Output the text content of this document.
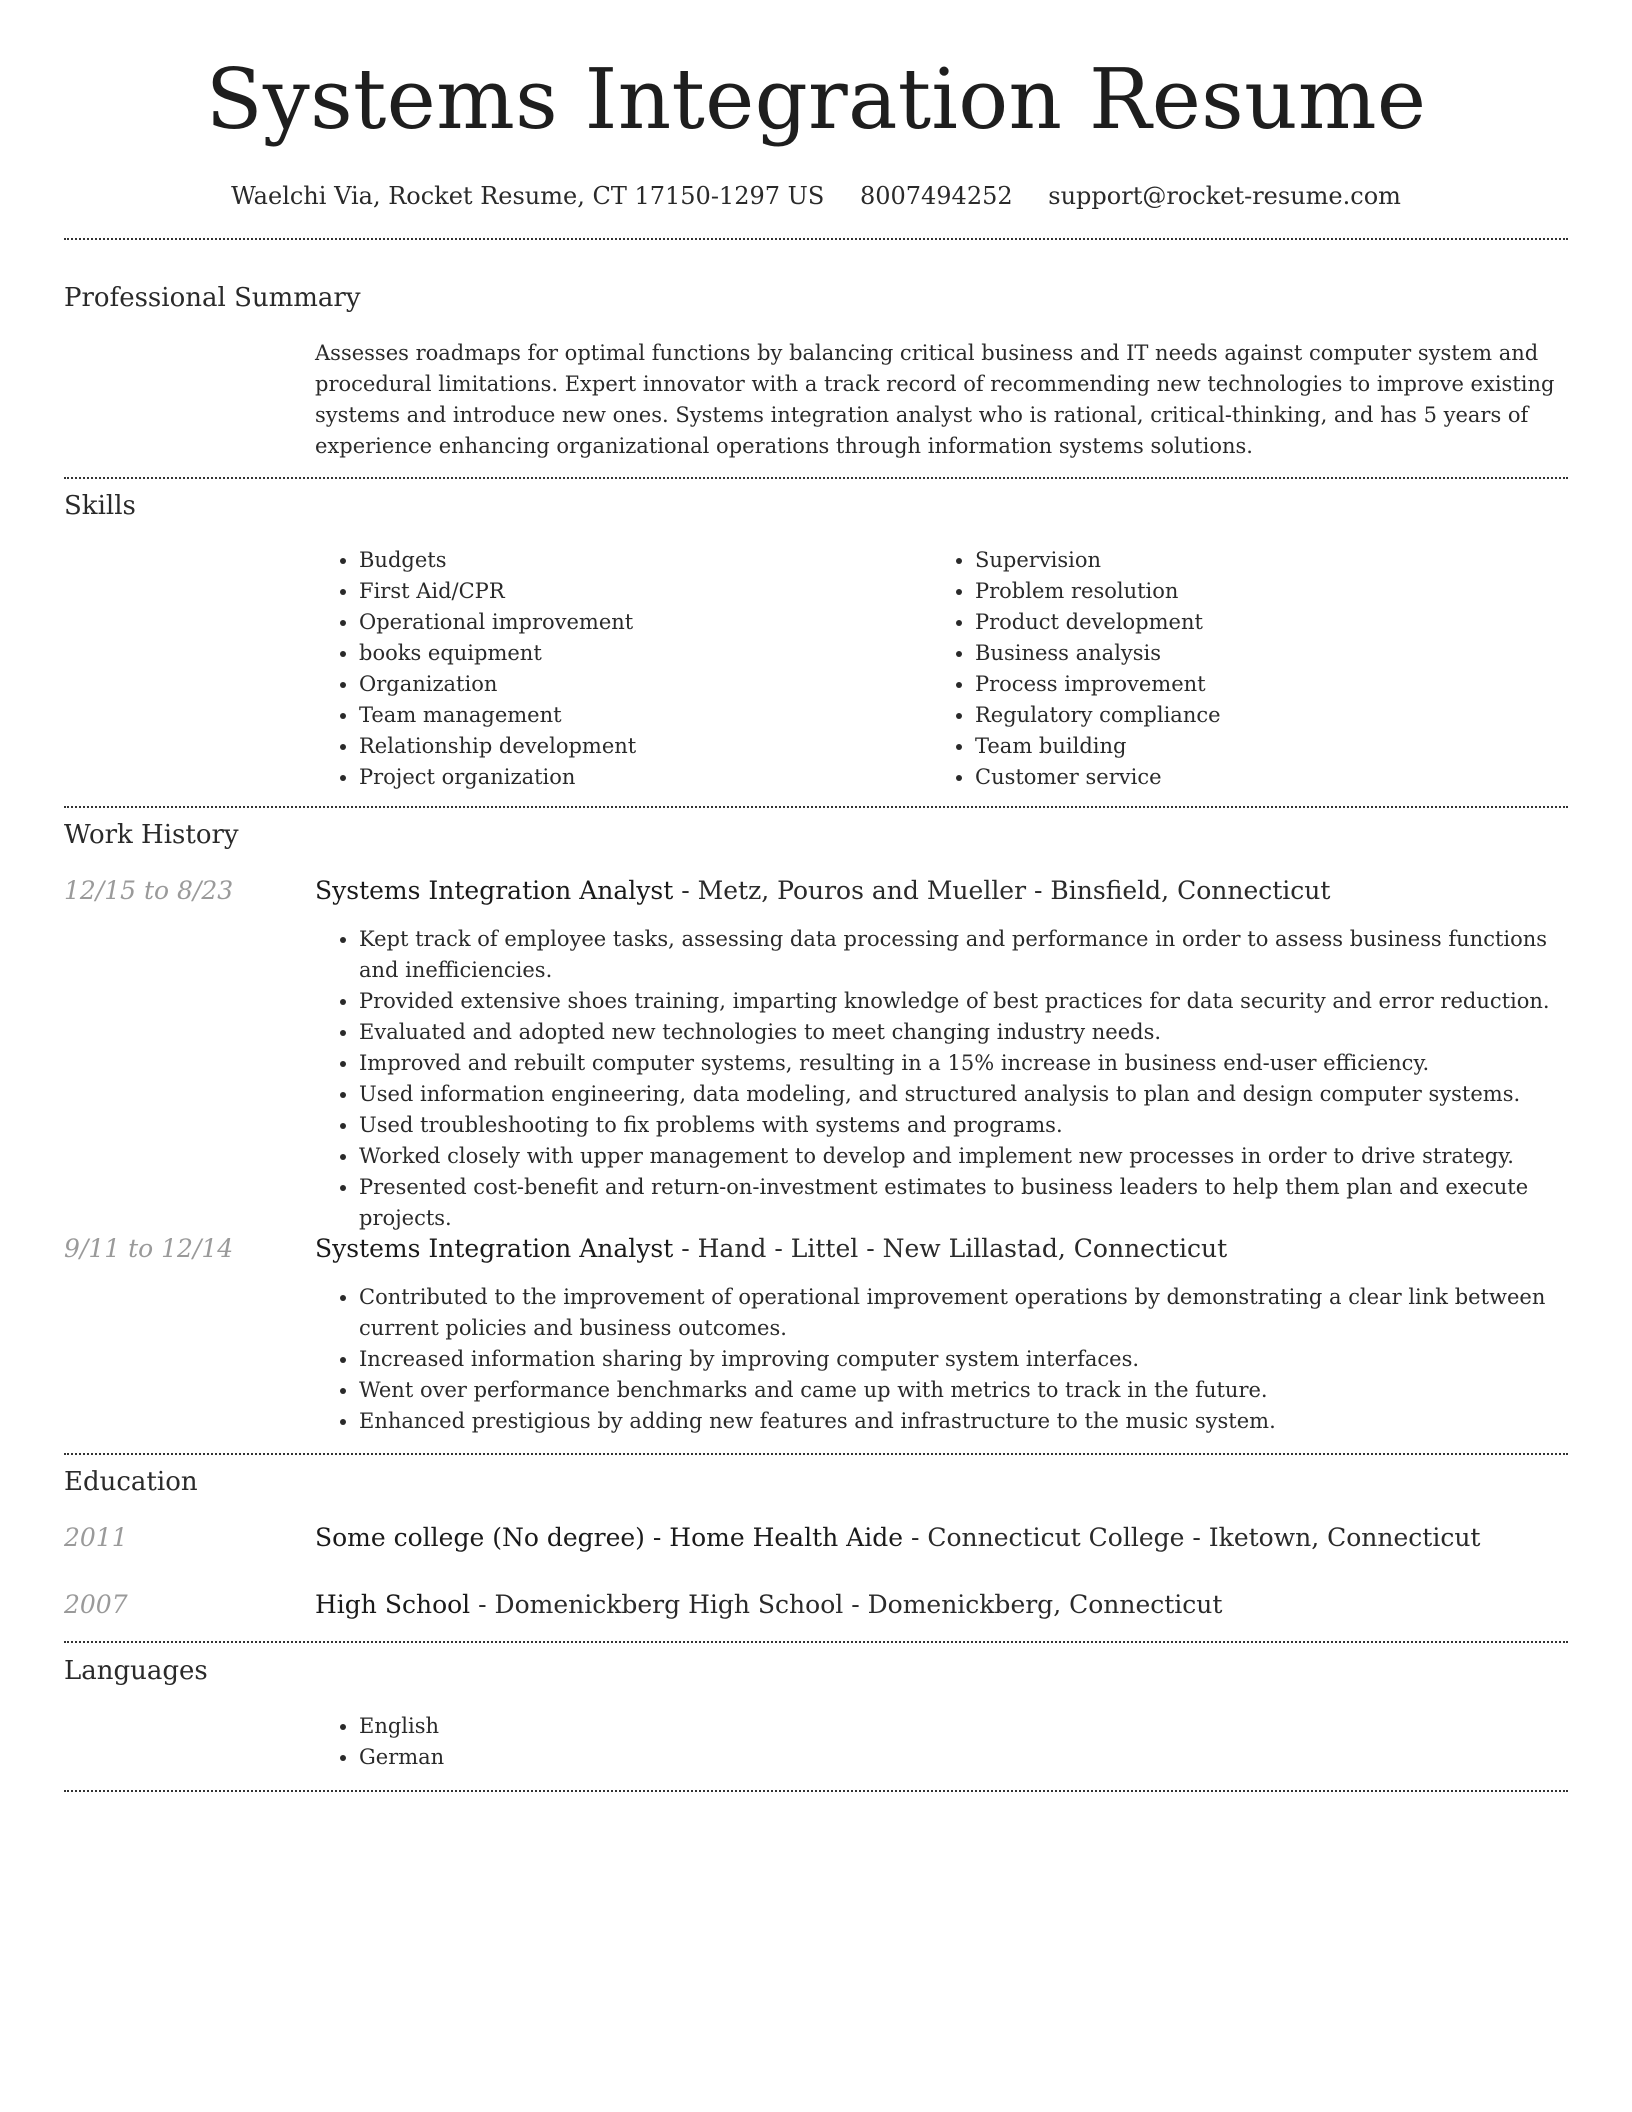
Systems Integration Resume
Waelchi Via, Rocket Resume, CT 17150-1297 US 8007494252 support@rocket-resume.com
Professional Summary
Assesses roadmaps for optimal functions by balancing critical business and IT needs against computer system and procedural limitations. Expert innovator with a track record of recommending new technologies to improve existing systems and introduce new ones. Systems integration analyst who is rational, critical-thinking, and has 5 years of experience enhancing organizational operations through information systems solutions.
Skills
• Budgets
• First Aid/CPR
• Operational improvement
• books equipment
• Organization
• Team management
• Relationship development
• Project organization
• Supervision
• Problem resolution
• Product development
• Business analysis
• Process improvement
• Regulatory compliance
• Team building
• Customer service
Work History
12/15 to 8/23	Systems Integration Analyst - Metz, Pouros and Mueller - Binsfield, Connecticut
• Kept track of employee tasks, assessing data processing and performance in order to assess business functions and inefficiencies.
• Provided extensive shoes training, imparting knowledge of best practices for data security and error reduction.
• Evaluated and adopted new technologies to meet changing industry needs.
• Improved and rebuilt computer systems, resulting in a 15% increase in business end-user efficiency.
• Used information engineering, data modeling, and structured analysis to plan and design computer systems.
• Used troubleshooting to fix problems with systems and programs.
• Worked closely with upper management to develop and implement new processes in order to drive strategy.
• Presented cost-benefit and return-on-investment estimates to business leaders to help them plan and execute projects.
9/11 to 12/14	Systems Integration Analyst - Hand - Littel - New Lillastad, Connecticut
• Contributed to the improvement of operational improvement operations by demonstrating a clear link between current policies and business outcomes.
• Increased information sharing by improving computer system interfaces.
• Went over performance benchmarks and came up with metrics to track in the future.
• Enhanced prestigious by adding new features and infrastructure to the music system.
Education
2011	Some college (No degree) - Home Health Aide - Connecticut College - Iketown, Connecticut
2007	High School - Domenickberg High School - Domenickberg, Connecticut
Languages
• English
• German
